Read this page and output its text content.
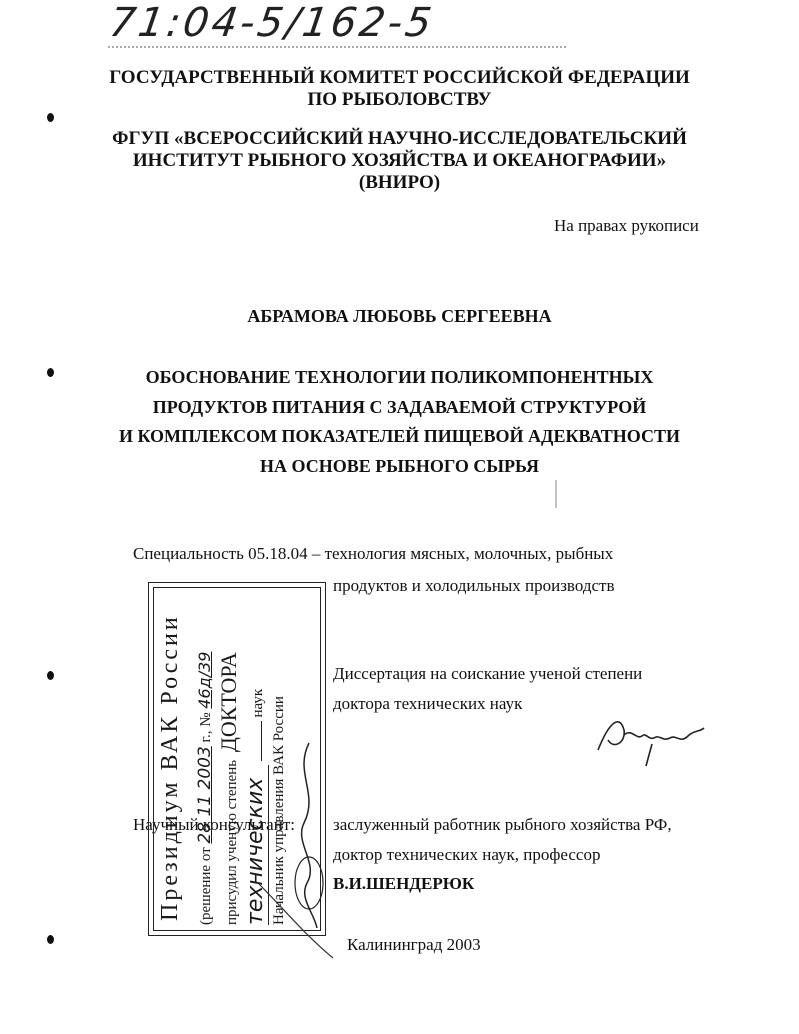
71:04-5/162-5
ГОСУДАРСТВЕННЫЙ КОМИТЕТ РОССИЙСКОЙ ФЕДЕРАЦИИ
ПО РЫБОЛОВСТВУ
ФГУП «ВСЕРОССИЙСКИЙ НАУЧНО-ИССЛЕДОВАТЕЛЬСКИЙ
ИНСТИТУТ РЫБНОГО ХОЗЯЙСТВА И ОКЕАНОГРАФИИ»
(ВНИРО)
На правах рукописи
АБРАМОВА ЛЮБОВЬ СЕРГЕЕВНА
ОБОСНОВАНИЕ ТЕХНОЛОГИИ ПОЛИКОМПОНЕНТНЫХ
ПРОДУКТОВ ПИТАНИЯ С ЗАДАВАЕМОЙ СТРУКТУРОЙ
И КОМПЛЕКСОМ ПОКАЗАТЕЛЕЙ ПИЩЕВОЙ АДЕКВАТНОСТИ
НА ОСНОВЕ РЫБНОГО СЫРЬЯ
Специальность 05.18.04 – технология мясных, молочных, рыбных
продуктов и холодильных производств
Диссертация на соискание ученой степени
доктора технических наук
Научный консультант: заслуженный работник рыбного хозяйства РФ,
доктор технических наук, профессор
В.И.ШЕНДЕРЮК
Калининград 2003
Президиум ВАК России (решение от 28 11 2003 г., № 46д/39
присудил ученую степень ДОКТОРА
технических  наук Начальник управления ВАК России
